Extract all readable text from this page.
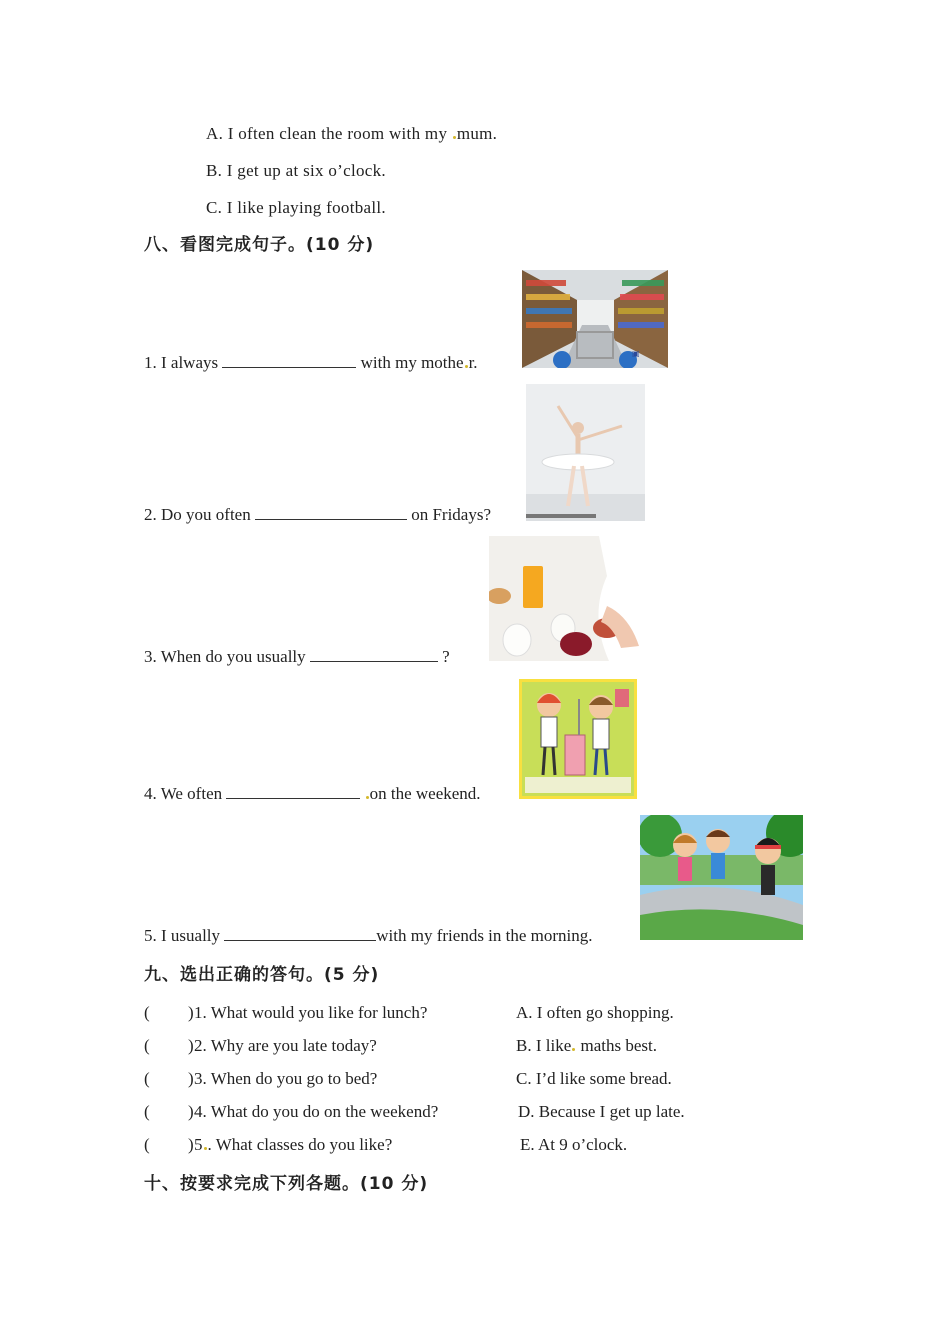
A. I often clean the room with my mum.
B. I get up at six o’clock.
C. I like playing football.
八、看图完成句子。(10 分)
▣
1. I always	with my mothe r.
2. Do you often	on Fridays?
3. When do you usually	?
4. We often	on the weekend.
5. I usually	with my friends in the morning.
九、选出正确的答句。(5 分)
( ) 1. What would you like for lunch?	A. I often go shopping.
( ) 2. Why are you late today?	B. I like maths best.
( ) 3. When do you go to bed?	C. I’d like some bread.
( ) 4. What do you do on the weekend?	D. Because I get up late.
( ) 5 . What classes do you like?	E. At 9 o’clock.
十、按要求完成下列各题。(10 分)
